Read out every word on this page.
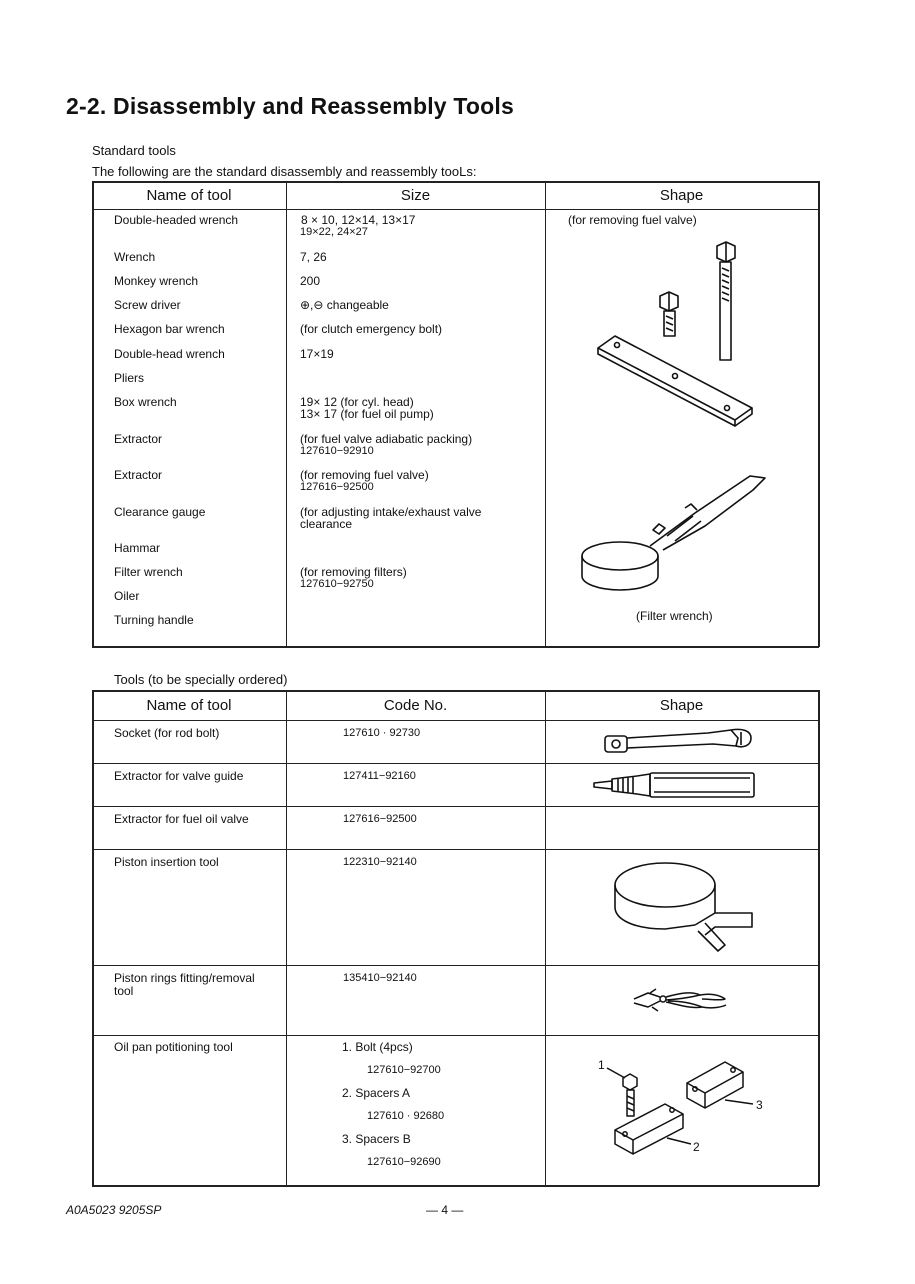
2-2. Disassembly and Reassembly Tools
Standard tools
The following are the standard disassembly and reassembly tooLs:
Name of tool	Size	Shape
Double-headed wrench	8 × 10, 12×14, 13×17
19×22, 24×27
Wrench	7, 26
Monkey wrench	200
Screw driver	⊕,⊖ changeable
Hexagon bar wrench	(for clutch emergency bolt)
Double-head wrench	17×19
Pliers
Box wrench	19× 12 (for cyl. head)
13× 17 (for fuel oil pump)
Extractor	(for fuel valve adiabatic packing)
127610−92910
Extractor	(for removing fuel valve)
127616−92500
Clearance gauge	(for adjusting intake/exhaust valve
clearance
Hammar
Filter wrench	(for removing filters)
127610−92750
Oiler
Turning handle
(for removing fuel valve)
(Filter wrench)
Tools (to be specially ordered)
Name of tool	Code No.	Shape
Socket (for rod bolt)	127610 · 92730
Extractor for valve guide	127411−92160
Extractor for fuel oil valve	127616−92500
Piston insertion tool	122310−92140
Piston rings fitting/removal
tool
135410−92140
Oil pan potitioning tool	1. Bolt (4pcs)
127610−92700
2. Spacers A
127610 · 92680
3. Spacers B
127610−92690
1
2
3
A0A5023 9205SP	— 4 —
